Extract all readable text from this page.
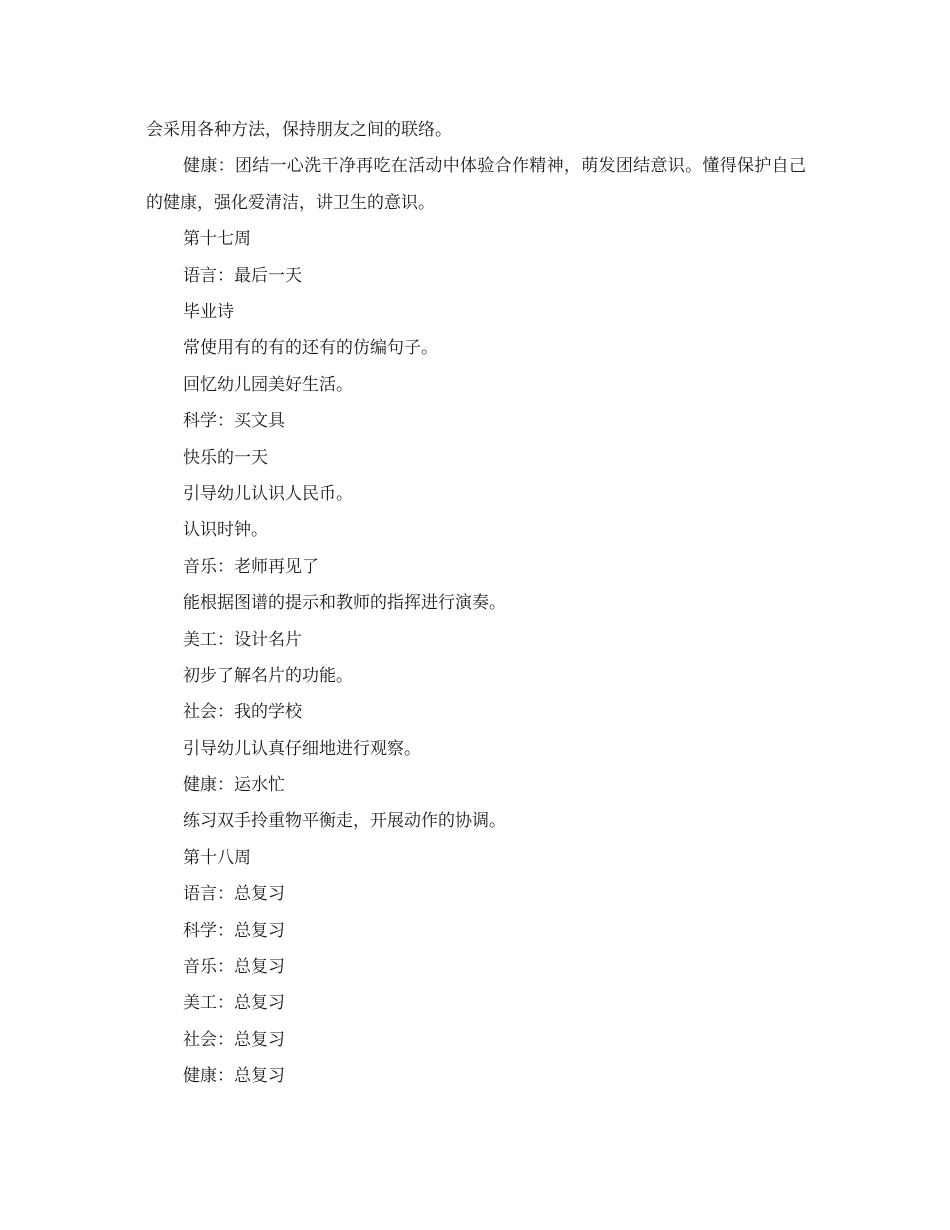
会采用各种方法，保持朋友之间的联络。
健康：团结一心洗干净再吃在活动中体验合作精神，萌发团结意识。懂得保护自己的健康，强化爱清洁，讲卫生的意识。
第十七周
语言：最后一天
毕业诗
常使用有的有的还有的仿编句子。
回忆幼儿园美好生活。
科学：买文具
快乐的一天
引导幼儿认识人民币。
认识时钟。
音乐：老师再见了
能根据图谱的提示和教师的指挥进行演奏。
美工：设计名片
初步了解名片的功能。
社会：我的学校
引导幼儿认真仔细地进行观察。
健康：运水忙
练习双手拎重物平衡走，开展动作的协调。
第十八周
语言：总复习
科学：总复习
音乐：总复习
美工：总复习
社会：总复习
健康：总复习
